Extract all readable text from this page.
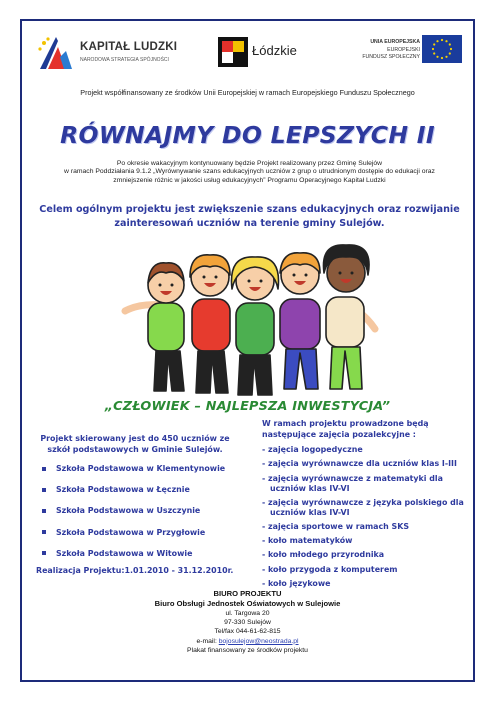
KAPITAŁ LUDZKI
NARODOWA STRATEGIA SPÓJNOŚCI
Łódzkie
UNIA EUROPEJSKA
EUROPEJSKI
FUNDUSZ SPOŁECZNY
Projekt współfinansowany ze środków Unii Europejskiej w ramach Europejskiego Funduszu Społecznego
RÓWNAJMY DO LEPSZYCH II
Po okresie wakacyjnym kontynuowany będzie Projekt realizowany przez Gminę Sulejów
w ramach Poddziałania 9.1.2 „Wyrównywanie szans edukacyjnych uczniów z grup o utrudnionym dostępie do edukacji oraz
zmniejszenie różnic w jakości usług edukacyjnych” Programu Operacyjnego Kapitał Ludzki
Celem ogólnym projektu jest zwiększenie szans edukacyjnych oraz rozwijanie
zainteresowań uczniów na terenie gminy Sulejów.
„CZŁOWIEK – NAJLEPSZA INWESTYCJA”
Projekt skierowany jest do 450 uczniów ze
szkół podstawowych w Gminie Sulejów.
Szkoła Podstawowa w Klementynowie
Szkoła Podstawowa w Łęcznie
Szkoła Podstawowa w Uszczynie
Szkoła Podstawowa w Przygłowie
Szkoła Podstawowa w Witowie
Realizacja Projektu:1.01.2010 - 31.12.2010r.
W ramach projektu prowadzone będą
następujące zajęcia pozalekcyjne :
- zajęcia logopedyczne
- zajęcia wyrównawcze dla uczniów klas I-III
- zajęcia wyrównawcze z matematyki dla uczniów klas IV-VI
- zajęcia wyrównawcze z języka polskiego dla uczniów klas IV-VI
- zajęcia sportowe w ramach SKS
- koło matematyków
- koło młodego przyrodnika
- koło przygoda z komputerem
- koło językowe
BIURO PROJEKTU
Biuro Obsługi Jednostek Oświatowych w Sulejowie
ul. Targowa 20
97-330 Sulejów
Tel/fax 044-61-62-815
e-mail: bojosulejow@neostrada.pl
Plakat finansowany ze środków projektu
